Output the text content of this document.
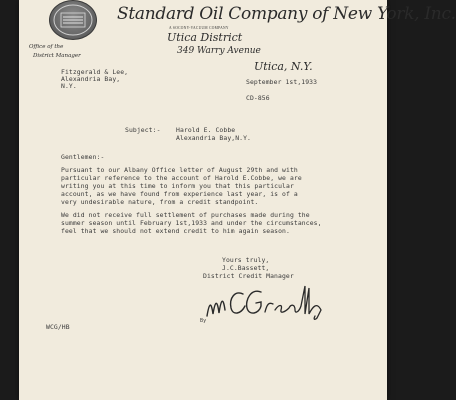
Standard Oil Company of New York, Inc.
A SOCONY-VACUUM COMPANY
Utica District
349 Warry Avenue
Utica, N.Y.
Office of the
District Manager
Fitzgerald & Lee,
Alexandria Bay,
N.Y.	September 1st,1933
CD-856
Subject:- Harold E. Cobbe
Alexandria Bay,N.Y.
Gentlemen:-
Pursuant to our Albany Office letter of August 29th and with
particular reference to the account of Harold E.Cobbe, we are
writing you at this time to inform you that this particular
account, as we have found from experience last year, is of a
very undesirable nature, from a credit standpoint.
We did not receive full settlement of purchases made during the
summer season until February 1st,1933 and under the circumstances,
feel that we should not extend credit to him again season.
Yours truly,
J.C.Bassett,
District Credit Manager
WCG/HB
By
